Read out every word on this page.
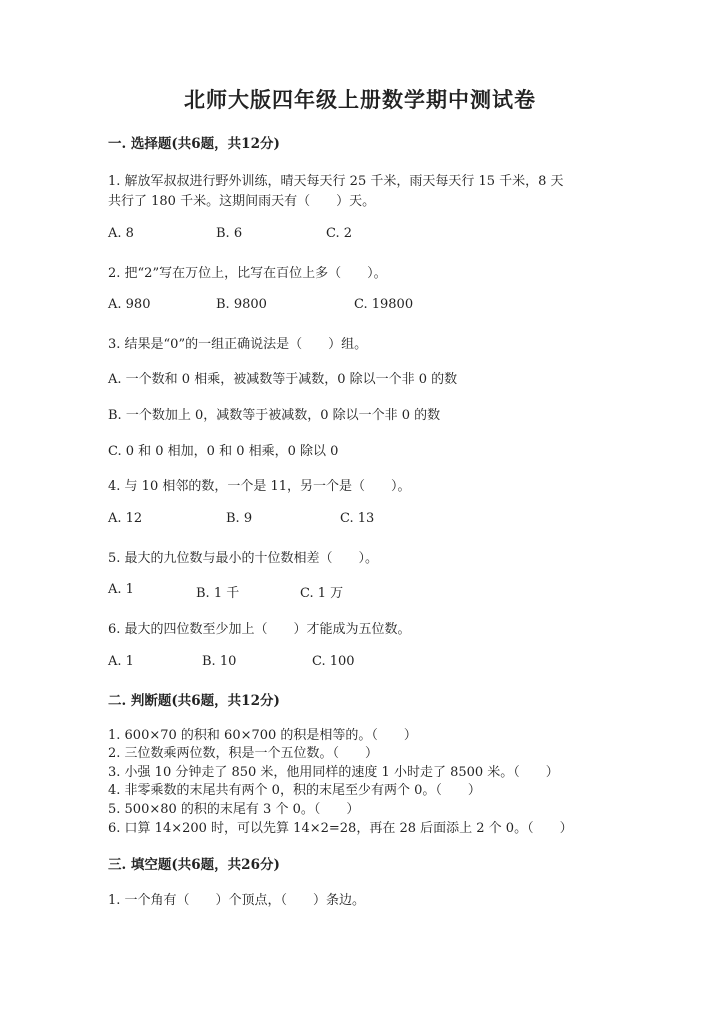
北师大版四年级上册数学期中测试卷
一. 选择题(共6题，共12分)
1. 解放军叔叔进行野外训练，晴天每天行 25 千米，雨天每天行 15 千米，8 天
共行了 180 千米。这期间雨天有（　　）天。
A. 8	B. 6	C. 2
2. 把“2”写在万位上，比写在百位上多（　　）。
A. 980	B. 9800	C. 19800
3. 结果是“0”的一组正确说法是（　　）组。
A. 一个数和 0 相乘，被减数等于减数，0 除以一个非 0 的数
B. 一个数加上 0，减数等于被减数，0 除以一个非 0 的数
C. 0 和 0 相加，0 和 0 相乘，0 除以 0
4. 与 10 相邻的数，一个是 11，另一个是（　　）。
A. 12	B. 9	C. 13
5. 最大的九位数与最小的十位数相差（　　）。
A. 1	B. 1 千	C. 1 万
6. 最大的四位数至少加上（　　）才能成为五位数。
A. 1	B. 10	C. 100
二. 判断题(共6题，共12分)
1. 600×70 的积和 60×700 的积是相等的。（　　）
2. 三位数乘两位数，积是一个五位数。（　　）
3. 小强 10 分钟走了 850 米，他用同样的速度 1 小时走了 8500 米。（　　）
4. 非零乘数的末尾共有两个 0，积的末尾至少有两个 0。（　　）
5. 500×80 的积的末尾有 3 个 0。（　　）
6. 口算 14×200 时，可以先算 14×2=28，再在 28 后面添上 2 个 0。（　　）
三. 填空题(共6题，共26分)
1. 一个角有（　　）个顶点，（　　）条边。
